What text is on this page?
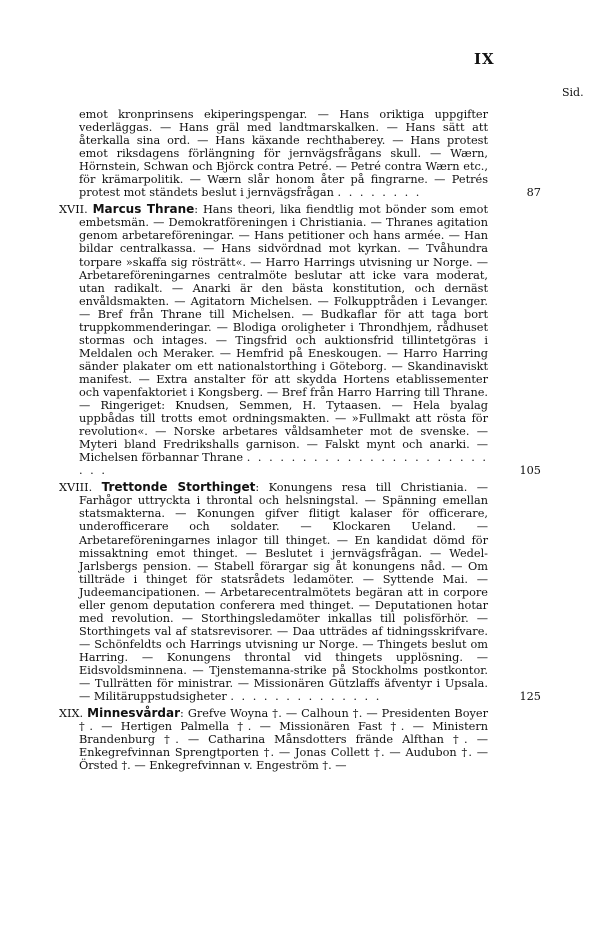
IX
Sid.

emot kronprinsens ekiperingspengar. — Hans oriktiga uppgifter vederläggas. — Hans gräl med landtmarskalken. — Hans sätt att återkalla sina ord. — Hans käxande rechthaberey. — Hans protest emot riksdagens förlängning för jernvägsfrågans skull. — Wærn, Hörnstein, Schwan och Björck contra Petré. — Petré contra Wærn etc., för krämarpolitik. — Wærn slår honom åter på fingrarne. — Petrés protest mot ständets beslut i jernvägsfrågan . . . . . . . .	87

XVII. Marcus Thrane: Hans theori, lika fiendtlig mot bönder som emot embetsmän. — Demokratföreningen i Christiania. — Thranes agitation genom arbetareföreningar. — Hans petitioner och hans armée. — Han bildar centralkassa. — Hans sidvördnad mot kyrkan. — Tvåhundra torpare »skaffa sig rösträtt«. — Harro Harrings utvisning ur Norge. — Arbetareföreningarnes centralmöte beslutar att icke vara moderat, utan radikalt. — Anarki är den bästa konstitution, och dernäst envåldsmakten. — Agitatorn Michelsen. — Folkupptråden i Levanger. — Bref från Thrane till Michelsen. — Budkaflar för att taga bort truppkommenderingar. — Blodiga oroligheter i Throndhjem, rådhuset stormas och intages. — Tingsfrid och auktionsfrid tillintetgöras i Meldalen och Meraker. — Hemfrid på Eneskougen. — Harro Harring sänder plakater om ett nationalstorthing i Göteborg. — Skandinaviskt manifest. — Extra anstalter för att skydda Hortens etablissementer och vapenfaktoriet i Kongsberg. — Bref från Harro Harring till Thrane. — Ringeriget: Knudsen, Semmen, H. Tytaasen. — Hela byalag uppbådas till trotts emot ordningsmakten. — »Fullmakt att rösta för revolution«. — Norske arbetares våldsamheter mot de svenske. — Myteri bland Fredrikshalls garnison. — Falskt mynt och anarki. — Michelsen förbannar Thrane . . . . . . . . . . . . . . . . . . . . . . . . .	105

XVIII. Trettonde Storthinget: Konungens resa till Christiania. — Farhågor uttryckta i throntal och helsningstal. — Spänning emellan statsmakterna. — Konungen gifver flitigt kalaser för officerare, underofficerare och soldater. — Klockaren Ueland. — Arbetareföreningarnes inlagor till thinget. — En kandidat dömd för missaktning emot thinget. — Beslutet i jernvägsfrågan. — Wedel-Jarlsbergs pension. — Stabell förargar sig åt konungens nåd. — Om tillträde i thinget för statsrådets ledamöter. — Syttende Mai. — Judeemancipationen. — Arbetarecentralmötets begäran att in corpore eller genom deputation conferera med thinget. — Deputationen hotar med revolution. — Storthingsledamöter inkallas till polisförhör. — Storthingets val af statsrevisorer. — Daa utträdes af tidningsskrifvare. — Schönfeldts och Harrings utvisning ur Norge. — Thingets beslut om Harring. — Konungens throntal vid thingets upplösning. — Eidsvoldsminnena. — Tjenstemanna-strike på Stockholms postkontor. — Tullrätten för ministrar. — Missionären Gützlaffs äfventyr i Upsala. — Militäruppstudsigheter . . . . . . . . . . . . . .	125

XIX. Minnesvårdar: Grefve Woyna †. — Calhoun †. — Presidenten Boyer †. — Hertigen Palmella †. — Missionären Fast †. — Ministern Brandenburg †. — Catharina Månsdotters frände Alfthan †. — Enkegrefvinnan Sprengtporten †. — Jonas Collett †. — Audubon †. — Örsted †. — Enkegrefvinnan v. Engeström †. —
